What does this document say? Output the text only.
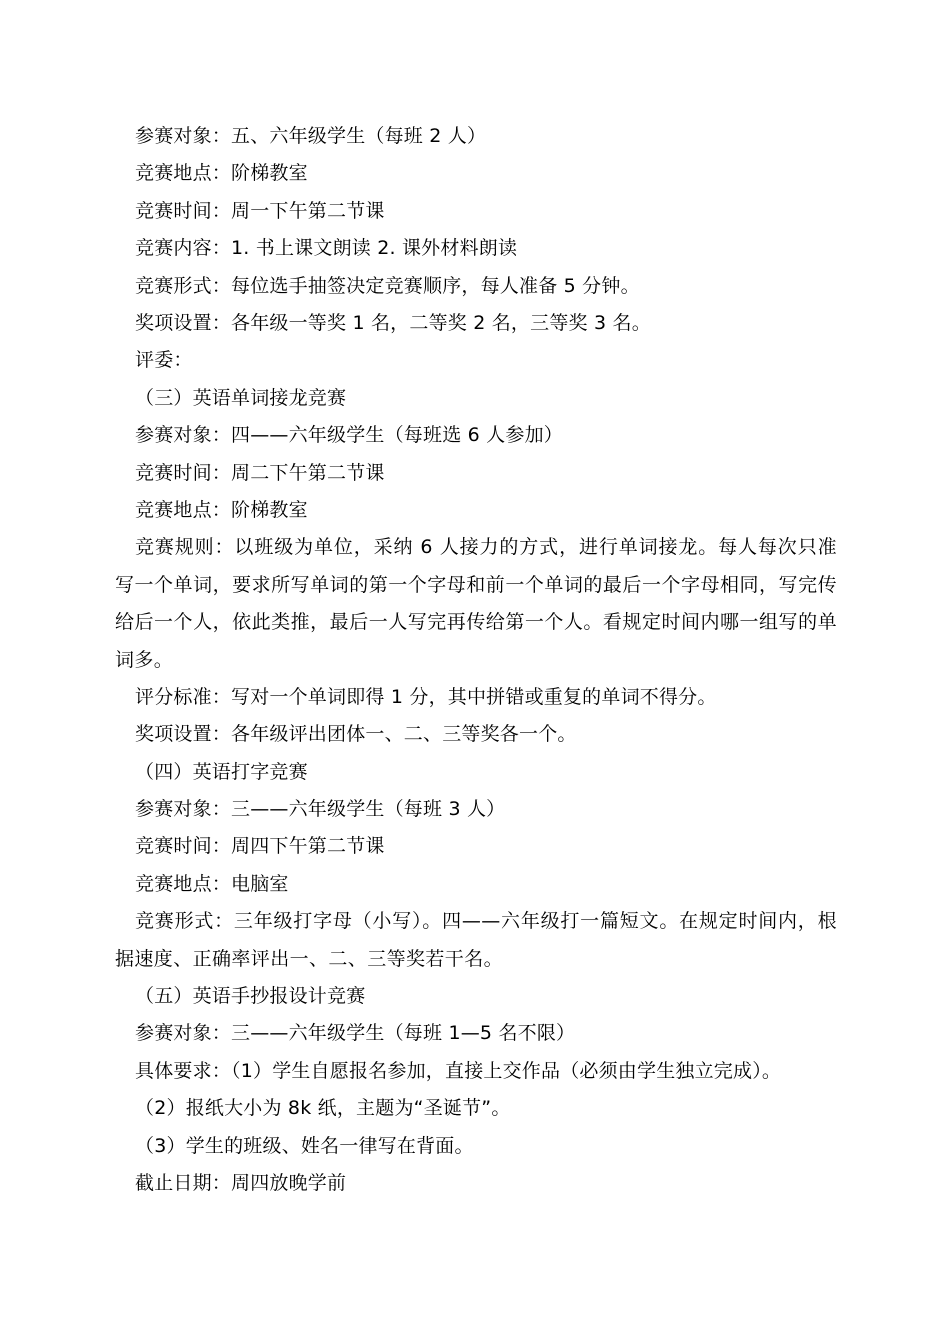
参赛对象：五、六年级学生（每班 2 人）
竞赛地点：阶梯教室
竞赛时间：周一下午第二节课
竞赛内容：1. 书上课文朗读 2. 课外材料朗读
竞赛形式：每位选手抽签决定竞赛顺序，每人准备 5 分钟。
奖项设置：各年级一等奖 1 名，二等奖 2 名，三等奖 3 名。
评委：
（三）英语单词接龙竞赛
参赛对象：四——六年级学生（每班选 6 人参加）
竞赛时间：周二下午第二节课
竞赛地点：阶梯教室
竞赛规则：以班级为单位，采纳 6 人接力的方式，进行单词接龙。每人每次只准写一个单词，要求所写单词的第一个字母和前一个单词的最后一个字母相同，写完传给后一个人，依此类推，最后一人写完再传给第一个人。看规定时间内哪一组写的单词多。
评分标准：写对一个单词即得 1 分，其中拼错或重复的单词不得分。
奖项设置：各年级评出团体一、二、三等奖各一个。
（四）英语打字竞赛
参赛对象：三——六年级学生（每班 3 人）
竞赛时间：周四下午第二节课
竞赛地点：电脑室
竞赛形式：三年级打字母（小写）。四——六年级打一篇短文。在规定时间内，根据速度、正确率评出一、二、三等奖若干名。
（五）英语手抄报设计竞赛
参赛对象：三——六年级学生（每班 1—5 名不限）
具体要求：（1）学生自愿报名参加，直接上交作品（必须由学生独立完成）。
（2）报纸大小为 8k 纸，主题为“圣诞节”。
（3）学生的班级、姓名一律写在背面。
截止日期：周四放晚学前
